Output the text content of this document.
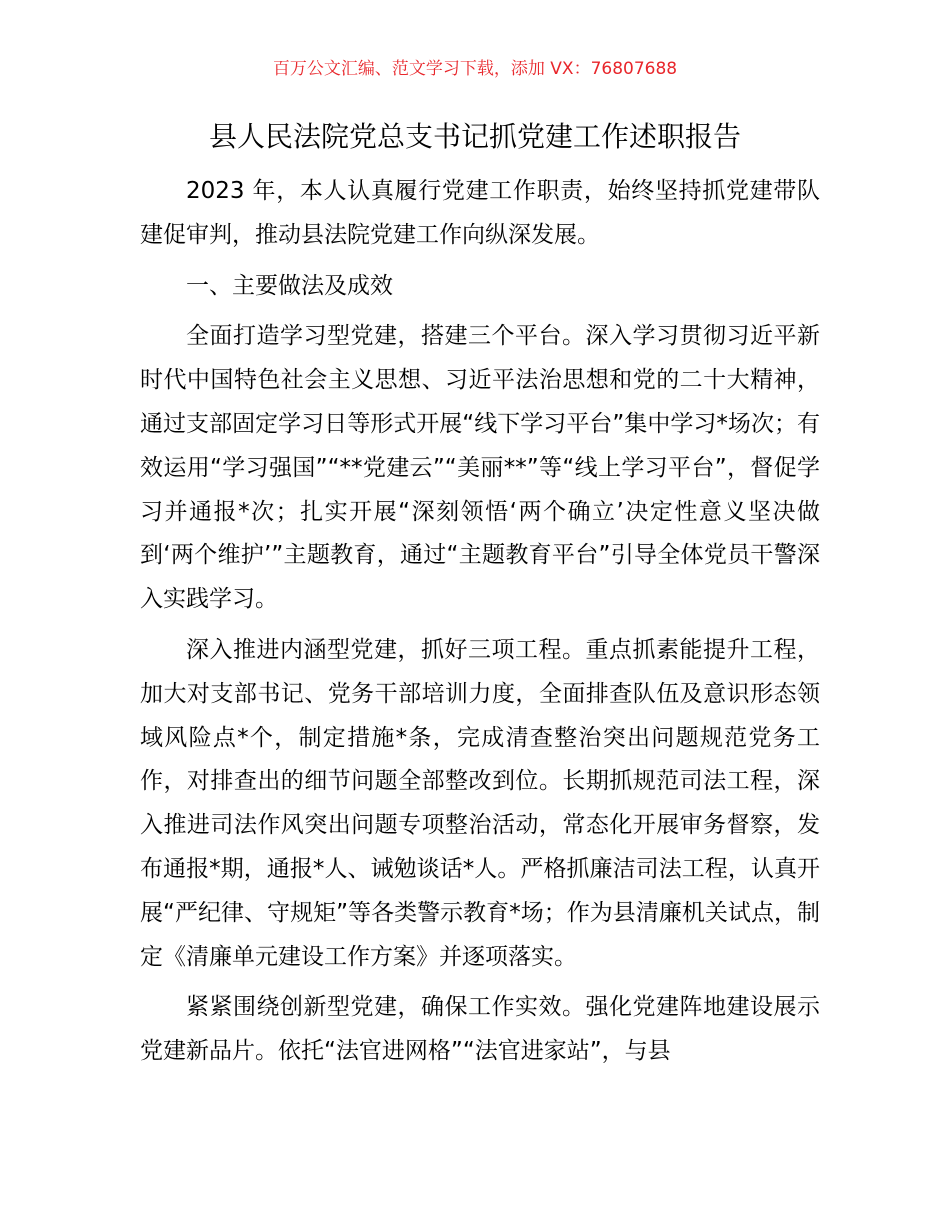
百万公文汇编、范文学习下载，添加 VX：76807688
县人民法院党总支书记抓党建工作述职报告

2023 年，本人认真履行党建工作职责，始终坚持抓党建带队建促审判，推动县法院党建工作向纵深发展。

一、主要做法及成效

全面打造学习型党建，搭建三个平台。深入学习贯彻习近平新时代中国特色社会主义思想、习近平法治思想和党的二十大精神，通过支部固定学习日等形式开展“线下学习平台”集中学习*场次；有效运用“学习强国”“**党建云”“美丽**”等“线上学习平台”，督促学习并通报*次；扎实开展“深刻领悟‘两个确立’决定性意义坚决做到‘两个维护’”主题教育，通过“主题教育平台”引导全体党员干警深入实践学习。

深入推进内涵型党建，抓好三项工程。重点抓素能提升工程，加大对支部书记、党务干部培训力度，全面排查队伍及意识形态领域风险点*个，制定措施*条，完成清查整治突出问题规范党务工作，对排查出的细节问题全部整改到位。长期抓规范司法工程，深入推进司法作风突出问题专项整治活动，常态化开展审务督察，发布通报*期，通报*人、诫勉谈话*人。严格抓廉洁司法工程，认真开展“严纪律、守规矩”等各类警示教育*场；作为县清廉机关试点，制定《清廉单元建设工作方案》并逐项落实。

紧紧围绕创新型党建，确保工作实效。强化党建阵地建设展示党建新品片。依托“法官进网格”“法官进家站”，与县
